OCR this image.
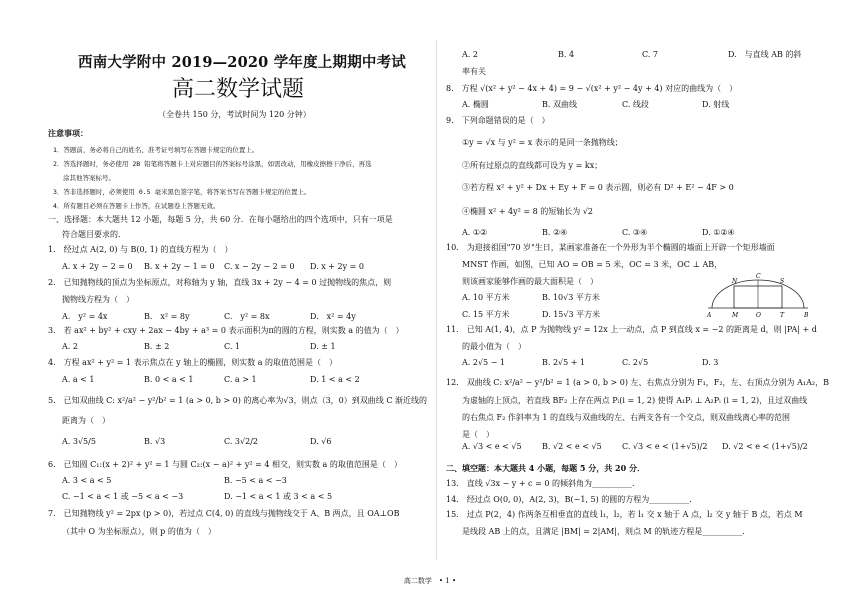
西南大学附中 2019—2020 学年度上期期中考试
高二数学试题
（全卷共 150 分，考试时间为 120 分钟）
注意事项：
1．答题前，务必将自己的姓名、准考证号填写在答题卡规定的位置上。
2．答选择题时，务必使用 2B 铅笔将答题卡上对应题目的答案标号涂黑，如需改动，用橡皮擦擦干净后，再选
涂其他答案标号。
3．答非选择题时，必须使用 0.5 毫米黑色签字笔，将答案书写在答题卡规定的位置上。
4．所有题目必须在答题卡上作答，在试题卷上答题无效。
一、选择题：本大题共 12 小题，每题 5 分，共 60 分．在每小题给出的四个选项中，只有一项是
符合题目要求的．
1.　经过点 A(2, 0) 与 B(0, 1) 的直线方程为（　）
A. x + 2y − 2 = 0 B. x + 2y − 1 = 0 C. x − 2y − 2 = 0 D. x + 2y = 0
2.　已知抛物线的顶点为坐标原点，对称轴为 y 轴，直线 3x + 2y − 4 = 0 过抛物线的焦点，则
抛物线方程为（　）
A.　y² = 4x	B.　x² = 8y	C.　y² = 8x	D.　x² = 4y
3.　若 ax² + by² + cxy + 2ax − 4by + a³ = 0 表示面积为π的圆的方程，则实数 a 的值为（　）
A. 2	B. ± 2	C. 1	D. ± 1
4.　方程 ax² + y² = 1 表示焦点在 y 轴上的椭圆，则实数 a 的取值范围是（　）
A. a < 1	B. 0 < a < 1	C. a > 1	D. 1 < a < 2
5.　已知双曲线 C: x²/a² − y²/b² = 1 (a > 0, b > 0) 的离心率为√3，则点（3，0）到双曲线 C 渐近线的
距离为（　）
A. 3√5/5	B. √3	C. 3√2/2	D. √6
6.　已知圆 C₁:(x + 2)² + y² = 1 与圆 C₂:(x − a)² + y² = 4 相交，则实数 a 的取值范围是（　）
A. 3 < a < 5	B. −5 < a < −3
C. −1 < a < 1 或 −5 < a < −3	D. −1 < a < 1 或 3 < a < 5
7.　已知抛物线 y² = 2px (p > 0)，若过点 C(4, 0) 的直线与抛物线交于 A、B 两点，且 OA⊥OB
（其中 O 为坐标原点），则 p 的值为（　）
A. 2	B. 4	C. 7	D.　与直线 AB 的斜
率有关
8.　方程 √(x² + y² − 4x + 4) = 9 − √(x² + y² − 4y + 4) 对应的曲线为（　）
A. 椭圆	B. 双曲线	C. 线段	D. 射线
9.　下列命题错误的是（　）
①y = √x 与 y² = x 表示的是同一条抛物线；
②所有过原点的直线都可设为 y = kx；
③若方程 x² + y² + Dx + Ey + F = 0 表示圆，则必有 D² + E² − 4F > 0
④椭圆 x² + 4y² = 8 的短轴长为 √2
A. ①②	B. ②④	C. ③④	D. ①②④
10.　为迎接祖国"70 岁"生日，某画家准备在一个外形为半个椭圆的墙面上开辟一个矩形墙面
MNST 作画，如图，已知 AO = OB = 5 米，OC = 3 米，OC ⊥ AB，
则该画家能够作画的最大面积是（　）
A. 10 平方米	B. 10√3 平方米
C. 15 平方米	D. 15√3 平方米
N
C
S
A	M	O	T	B
11.　已知 A(1, 4)，点 P 为抛物线 y² = 12x 上一动点，点 P 到直线 x = −2 的距离是 d，则 |PA| + d
的最小值为（　）
A. 2√5 − 1	B. 2√5 + 1	C. 2√5	D. 3
12.　双曲线 C: x²/a² − y²/b² = 1 (a > 0, b > 0) 左、右焦点分别为 F₁，F₂，左、右顶点分别为 A₁A₂，B
为虚轴的上顶点，若直线 BF₂ 上存在两点 Pᵢ(i = 1, 2) 使得 A₁Pᵢ ⊥ A₂Pᵢ (i = 1, 2)，且过双曲线
的右焦点 F₂ 作斜率为 1 的直线与双曲线的左、右两支各有一个交点，则双曲线离心率的范围
是（　）
A. √3 < e < √5	B. √2 < e < √5	C. √3 < e < (1+√5)/2 D. √2 < e < (1+√5)/2
二、填空题：本大题共 4 小题，每题 5 分，共 20 分．
13.　直线 √3x − y + c = 0 的倾斜角为__________．
14.　经过点 O(0, 0)，A(2, 3)，B(−1, 5) 的圆的方程为__________．
15.　过点 P(2，4) 作两条互相垂直的直线 l₁，l₂，若 l₁ 交 x 轴于 A 点，l₂ 交 y 轴于 B 点，若点 M
是线段 AB 上的点，且满足 |BM| = 2|AM|，则点 M 的轨迹方程是__________．
高二数学　• 1 •
